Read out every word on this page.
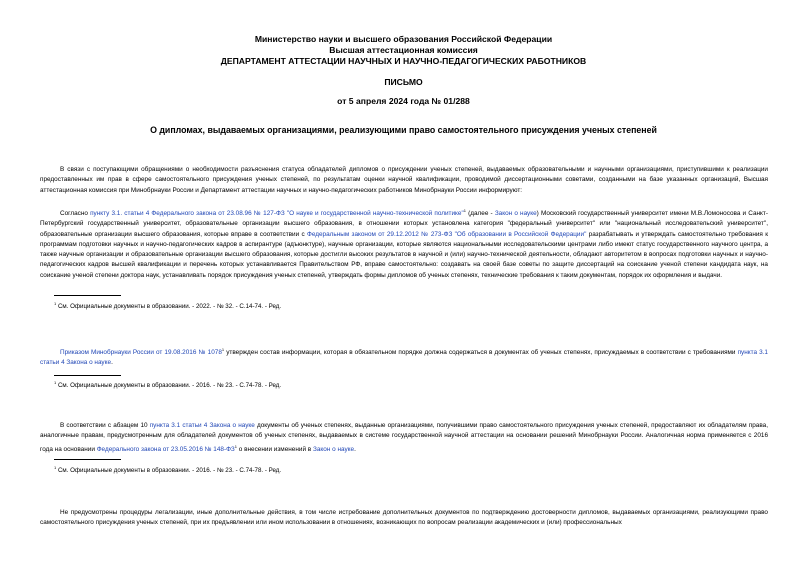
Министерство науки и высшего образования Российской Федерации
Высшая аттестационная комиссия
ДЕПАРТАМЕНТ АТТЕСТАЦИИ НАУЧНЫХ И НАУЧНО-ПЕДАГОГИЧЕСКИХ РАБОТНИКОВ
ПИСЬМО
от 5 апреля 2024 года № 01/288
О дипломах, выдаваемых организациями, реализующими право самостоятельного присуждения ученых степеней
В связи с поступающими обращениями о необходимости разъяснения статуса обладателей дипломов о присуждении ученых степеней, выдаваемых образовательными и научными организациями, приступившими к реализации предоставленных им прав в сфере самостоятельного присуждения ученых степеней, по результатам оценки научной квалификации, проводимой диссертационными советами, созданными на базе указанных организаций, Высшая аттестационная комиссия при Минобрнауки России и Департамент аттестации научных и научно-педагогических работников Минобрнауки России информируют:
Согласно пункту 3.1. статьи 4 Федерального закона от 23.08.96 № 127-ФЗ "О науке и государственной научно-технической политике"$^1$ (далее - Закон о науке) Московский государственный университет имени М.В.Ломоносова и Санкт-Петербургский государственный университет, образовательные организации высшего образования, в отношении которых установлена категория "федеральный университет" или "национальный исследовательский университет", образовательные организации высшего образования, которые вправе в соответствии с Федеральным законом от 29.12.2012 № 273-ФЗ "Об образовании в Российской Федерации" разрабатывать и утверждать самостоятельно требования к программам подготовки научных и научно-педагогических кадров в аспирантуре (адъюнктуре), научные организации, которые являются национальными исследовательскими центрами либо имеют статус государственного научного центра, а также научные организации и образовательные организации высшего образования, которые достигли высоких результатов в научной и (или) научно-технической деятельности, обладают авторитетом в вопросах подготовки научных и научно-педагогических кадров высшей квалификации и перечень которых устанавливается Правительством РФ, вправе самостоятельно: создавать на своей базе советы по защите диссертаций на соискание ученой степени кандидата наук, на соискание ученой степени доктора наук, устанавливать порядок присуждения ученых степеней, утверждать формы дипломов об ученых степенях, технические требования к таким документам, порядок их оформления и выдачи.
$^1$ См. Официальные документы в образовании. - 2022. - № 32. - С.14-74. - Ред.
Приказом Минобрнауки России от 19.08.2016 № 1078$^1$ утвержден состав информации, которая в обязательном порядке должна содержаться в документах об ученых степенях, присуждаемых в соответствии с требованиями пункта 3.1 статьи 4 Закона о науке.
$^1$ См. Официальные документы в образовании. - 2016. - № 23. - С.74-78. - Ред.
В соответствии с абзацем 10 пункта 3.1 статьи 4 Закона о науке документы об ученых степенях, выданные организациями, получившими право самостоятельного присуждения ученых степеней, предоставляют их обладателям права, аналогичные правам, предусмотренным для обладателей документов об ученых степенях, выдаваемых в системе государственной научной аттестации на основании решений Минобрнауки России. Аналогичная норма применяется с 2016 года на основании Федерального закона от 23.05.2016 № $148-ФЗ^1$ о внесении изменений в Закон о науке.
$^1$ См. Официальные документы в образовании. - 2016. - № 23. - С.74-78. - Ред.
Не предусмотрены процедуры легализации, иные дополнительные действия, в том числе истребование дополнительных документов по подтверждению достоверности дипломов, выдаваемых организациями, реализующими право самостоятельного присуждения ученых степеней, при их предъявлении или ином использовании в отношениях, возникающих по вопросам реализации академических и (или) профессиональных
